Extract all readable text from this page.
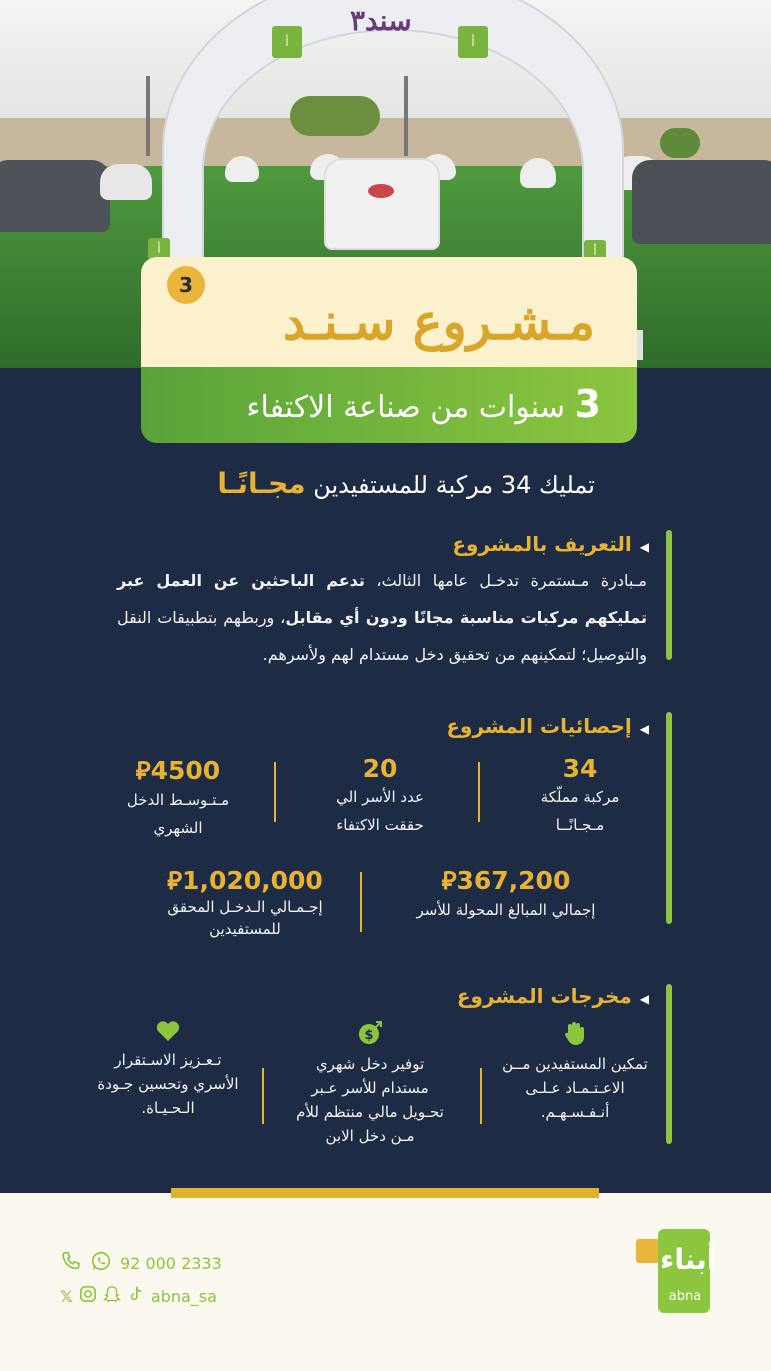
سند٣
ﺃ	ﺃ
ﺃ	ﺃ
3
مـشـروع سـنـد
3 سنوات من صناعة الاكتفاء
تمليك 34 مركبة للمستفيدين مجـانًـا
◀التعريف بالمشروع
مـبادرة مـستمرة تدخـل عامها الثالث، تدعم الباحثين عن العمل عبر تمليكهم مركبات مناسبة مجانًا ودون أي مقابل، وربطهم بتطبيقات النقل والتوصيل؛ لتمكينهم من تحقيق دخل مستدام لهم ولأسرهم.
◀إحصائيات المشروع
34
مركبة مملّكة مـجـانًــا
20
عدد الأسر الي حققت الاكتفاء
⃁4500
مـتـوسـط الدخل الشهري
⃁367,200
إجمالي المبالغ المحولة للأسر
⃁1,020,000
إجـمـالي الـدخـل المحقق للمستفيدين
◀مخرجات المشروع
تمكين المستفيدين مــن الاعـتـمـاد عـلـى أنـفـسـهـم.
$
توفير دخل شهري مستدام للأسر عـبر تحـويل مالي منتظم للأم مـن دخل الابن
تـعـزيز الاسـتقرار الأسري وتحسين جـودة الـحـيـاة.
92 000 2333
𝕏	abna_sa
أبناء
abna
